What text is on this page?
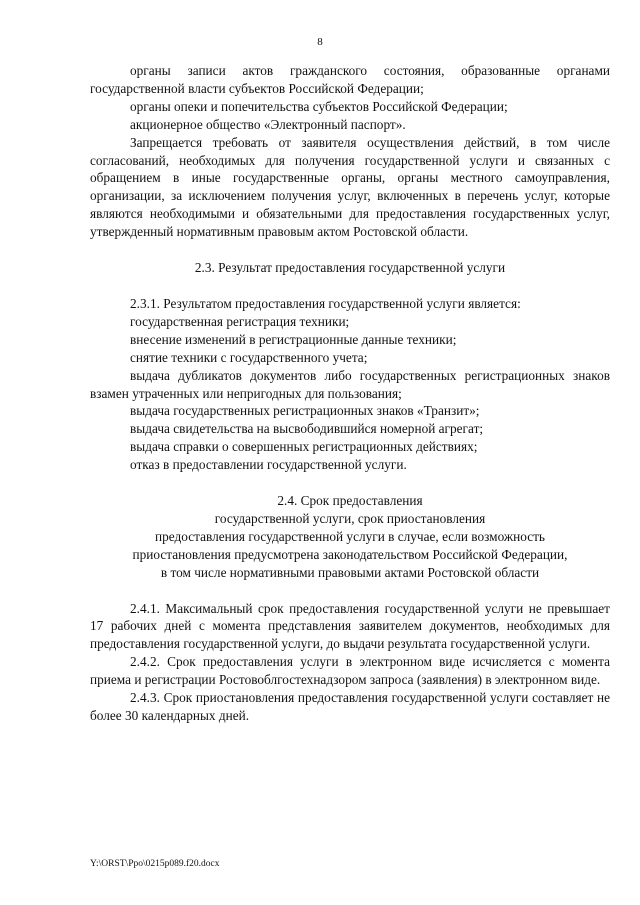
8

органы записи актов гражданского состояния, образованные органами государственной власти субъектов Российской Федерации;

органы опеки и попечительства субъектов Российской Федерации;

акционерное общество «Электронный паспорт».

Запрещается требовать от заявителя осуществления действий, в том числе согласований, необходимых для получения государственной услуги и связанных с обращением в иные государственные органы, органы местного самоуправления, организации, за исключением получения услуг, включенных в перечень услуг, которые являются необходимыми и обязательными для предоставления государственных услуг, утвержденный нормативным правовым актом Ростовской области.

2.3. Результат предоставления государственной услуги

2.3.1. Результатом предоставления государственной услуги является:

государственная регистрация техники;

внесение изменений в регистрационные данные техники;

снятие техники с государственного учета;

выдача дубликатов документов либо государственных регистрационных знаков взамен утраченных или непригодных для пользования;

выдача государственных регистрационных знаков «Транзит»;

выдача свидетельства на высвободившийся номерной агрегат;

выдача справки о совершенных регистрационных действиях;

отказ в предоставлении государственной услуги.

2.4. Срок предоставления

государственной услуги, срок приостановления

предоставления государственной услуги в случае, если возможность

приостановления предусмотрена законодательством Российской Федерации,

в том числе нормативными правовыми актами Ростовской области

2.4.1. Максимальный срок предоставления государственной услуги не превышает 17 рабочих дней с момента представления заявителем документов, необходимых для предоставления государственной услуги, до выдачи результата государственной услуги.

2.4.2. Срок предоставления услуги в электронном виде исчисляется с момента приема и регистрации Ростовоблгостехнадзором запроса (заявления) в электронном виде.

2.4.3. Срок приостановления предоставления государственной услуги составляет не более 30 календарных дней.

Y:\ORST\Ppo\0215p089.f20.docx
